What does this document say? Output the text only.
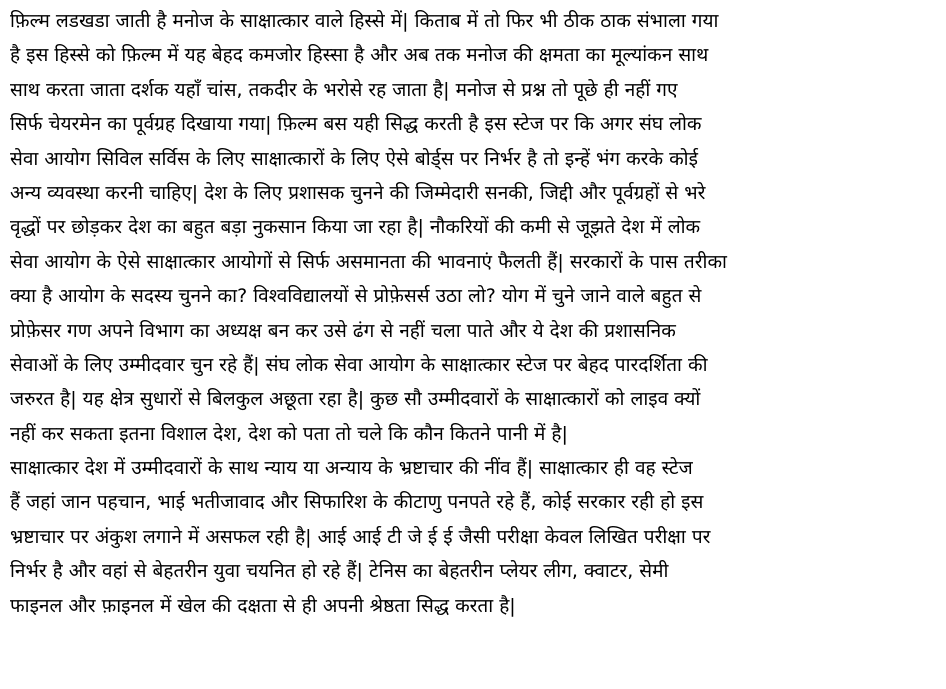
फ़िल्म लडखडा जाती है मनोज के साक्षात्कार वाले हिस्से में| किताब में तो फिर भी ठीक ठाक संभाला गया
है इस हिस्से को फ़िल्म में यह बेहद कमजोर हिस्सा है और अब तक मनोज की क्षमता का मूल्यांकन साथ
साथ करता जाता दर्शक यहाँ चांस, तकदीर के भरोसे रह जाता है| मनोज से प्रश्न तो पूछे ही नहीं गए
सिर्फ चेयरमेन का पूर्वग्रह दिखाया गया| फ़िल्म बस यही सिद्ध करती है इस स्टेज पर कि अगर संघ लोक
सेवा आयोग सिविल सर्विस के लिए साक्षात्कारों के लिए ऐसे बोर्ड्स पर निर्भर है तो इन्हें भंग करके कोई
अन्य व्यवस्था करनी चाहिए| देश के लिए प्रशासक चुनने की जिम्मेदारी सनकी, जिद्दी और पूर्वग्रहों से भरे
वृद्धों पर छोड़कर देश का बहुत बड़ा नुकसान किया जा रहा है| नौकरियों की कमी से जूझते देश में लोक
सेवा आयोग के ऐसे साक्षात्कार आयोगों से सिर्फ असमानता की भावनाएं फैलती हैं| सरकारों के पास तरीका
क्या है आयोग के सदस्य चुनने का? विश्वविद्यालयों से प्रोफ़ेसर्स उठा लो? योग में चुने जाने वाले बहुत से
प्रोफ़ेसर गण अपने विभाग का अध्यक्ष बन कर उसे ढंग से नहीं चला पाते और ये देश की प्रशासनिक
सेवाओं के लिए उम्मीदवार चुन रहे हैं| संघ लोक सेवा आयोग के साक्षात्कार स्टेज पर बेहद पारदर्शिता की
जरुरत है| यह क्षेत्र सुधारों से बिलकुल अछूता रहा है| कुछ सौ उम्मीदवारों के साक्षात्कारों को लाइव क्यों
नहीं कर सकता इतना विशाल देश, देश को पता तो चले कि कौन कितने पानी में है|
साक्षात्कार देश में उम्मीदवारों के साथ न्याय या अन्याय के भ्रष्टाचार की नींव हैं| साक्षात्कार ही वह स्टेज
हैं जहां जान पहचान, भाई भतीजावाद और सिफारिश के कीटाणु पनपते रहे हैं, कोई सरकार रही हो इस
भ्रष्टाचार पर अंकुश लगाने में असफल रही है| आई आई टी जे ई ई जैसी परीक्षा केवल लिखित परीक्षा पर
निर्भर है और वहां से बेहतरीन युवा चयनित हो रहे हैं| टेनिस का बेहतरीन प्लेयर लीग, क्वाटर, सेमी
फाइनल और फ़ाइनल में खेल की दक्षता से ही अपनी श्रेष्ठता सिद्ध करता है|
